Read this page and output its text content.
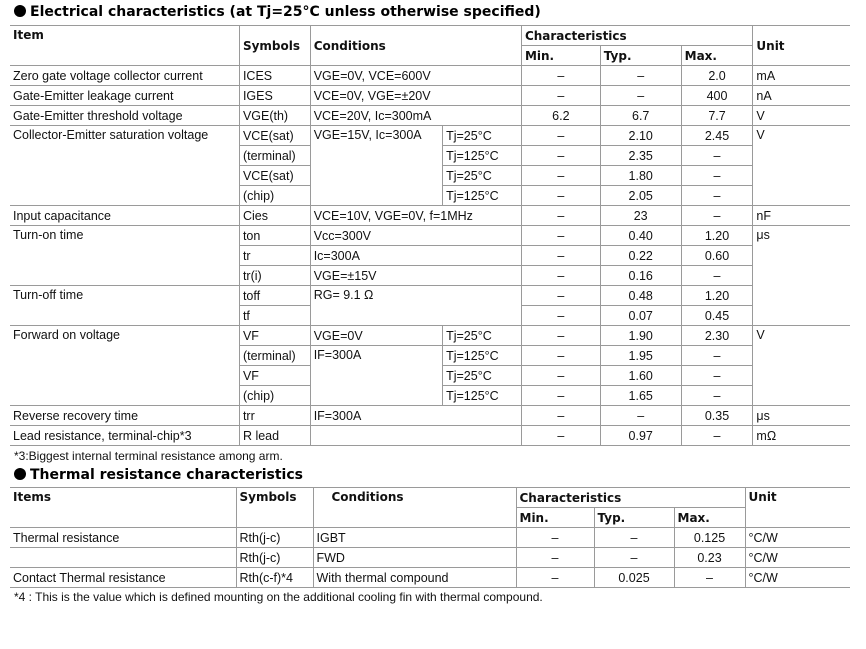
Electrical characteristics (at Tj=25°C unless otherwise specified)
Item	Symbols	Conditions		Characteristics			Unit
				Min.	Typ.	Max.	
Zero gate voltage collector current	ICES	VGE=0V, VCE=600V		–	–	2.0	mA
Gate-Emitter leakage current	IGES	VCE=0V, VGE=±20V		–	–	400	nA
Gate-Emitter threshold voltage	VGE(th)	VCE=20V, Ic=300mA		6.2	6.7	7.7	V
Collector-Emitter saturation voltage	VCE(sat)	VGE=15V, Ic=300A	Tj=25°C	–	2.10	2.45	V
	(terminal)		Tj=125°C	–	2.35	–	
	VCE(sat)		Tj=25°C	–	1.80	–	
	(chip)		Tj=125°C	–	2.05	–	
Input capacitance	Cies	VCE=10V, VGE=0V, f=1MHz		–	23	–	nF
Turn-on time	ton	Vcc=300V		–	0.40	1.20	μs
	tr	Ic=300A		–	0.22	0.60	
	tr(i)	VGE=±15V		–	0.16	–	
Turn-off time	toff	RG= 9.1 Ω		–	0.48	1.20	
	tf			–	0.07	0.45	
Forward on voltage	VF	VGE=0V	Tj=25°C	–	1.90	2.30	V
	(terminal)	IF=300A	Tj=125°C	–	1.95	–	
	VF		Tj=25°C	–	1.60	–	
	(chip)		Tj=125°C	–	1.65	–	
Reverse recovery time	trr	IF=300A		–	–	0.35	μs
Lead resistance, terminal-chip*3	R lead			–	0.97	–	mΩ
*3:Biggest internal terminal resistance among arm.
Thermal resistance characteristics
Items	Symbols	Conditions	Characteristics			Unit
			Min.	Typ.	Max.	
Thermal resistance	Rth(j-c)	IGBT	–	–	0.125	°C/W
	Rth(j-c)	FWD	–	–	0.23	°C/W
Contact Thermal resistance	Rth(c-f)*4	With thermal compound	–	0.025	–	°C/W
*4 : This is the value which is defined mounting on the additional cooling fin with thermal compound.
